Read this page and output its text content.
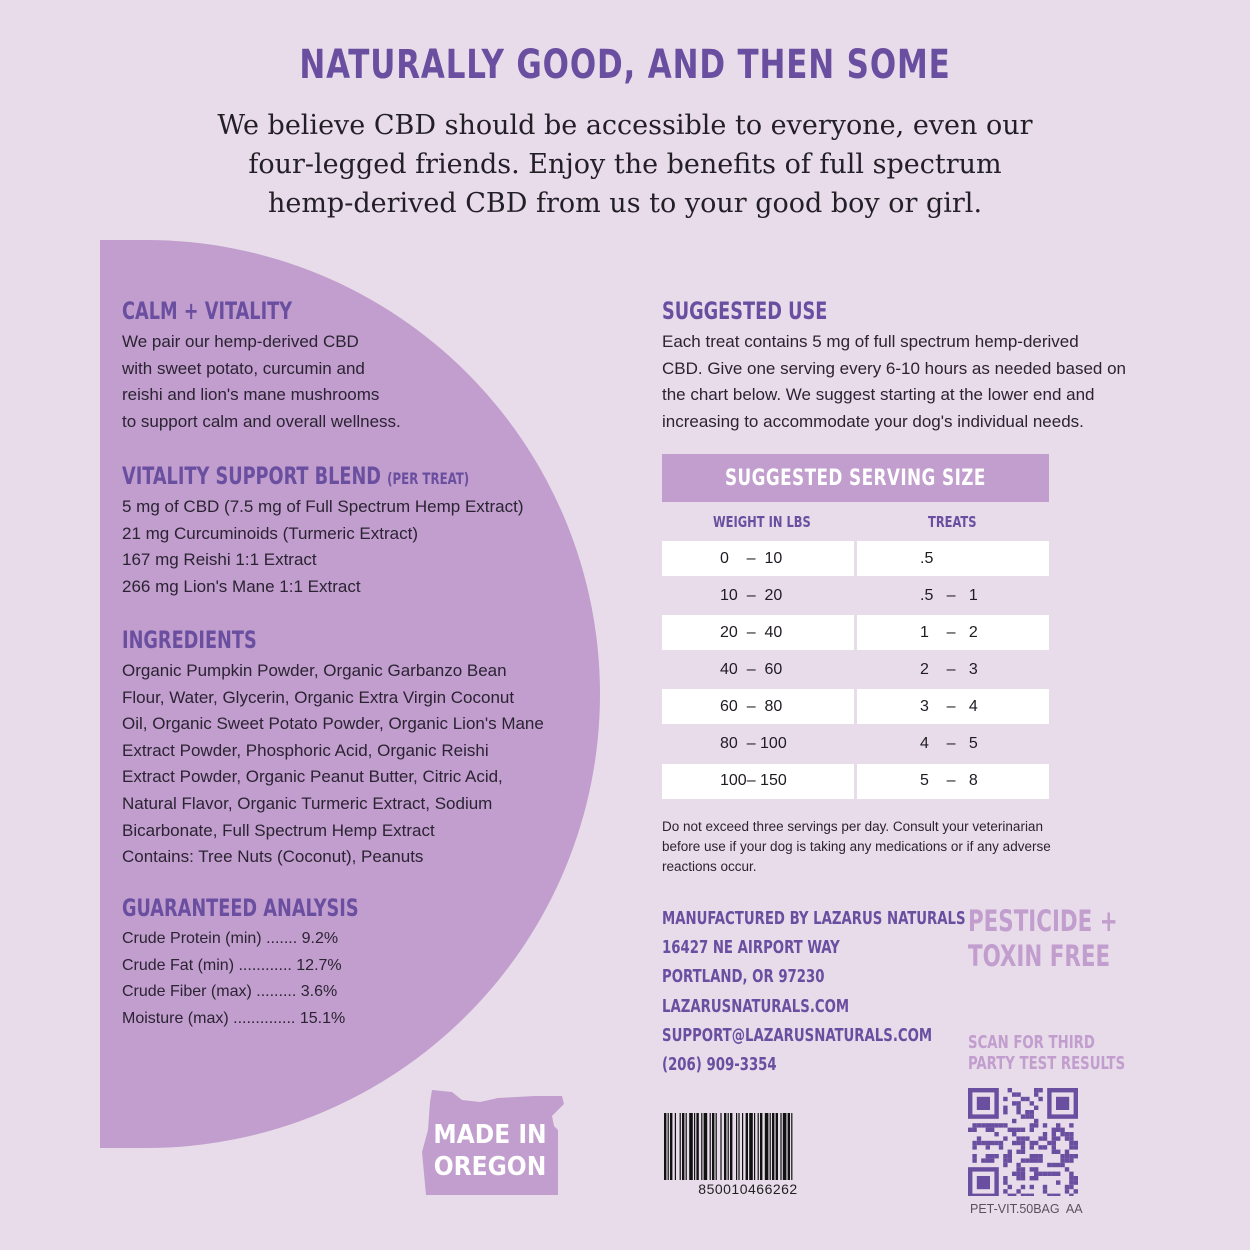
NATURALLY GOOD, AND THEN SOME
We believe CBD should be accessible to everyone, even our
four-legged friends. Enjoy the benefits of full spectrum
hemp-derived CBD from us to your good boy or girl.
CALM + VITALITY
We pair our hemp-derived CBD
with sweet potato, curcumin and
reishi and lion's mane mushrooms
to support calm and overall wellness.
VITALITY SUPPORT BLEND (PER TREAT)
5 mg of CBD (7.5 mg of Full Spectrum Hemp Extract)
21 mg Curcuminoids (Turmeric Extract)
167 mg Reishi 1:1 Extract
266 mg Lion's Mane 1:1 Extract
INGREDIENTS
Organic Pumpkin Powder, Organic Garbanzo Bean
Flour, Water, Glycerin, Organic Extra Virgin Coconut
Oil, Organic Sweet Potato Powder, Organic Lion's Mane
Extract Powder, Phosphoric Acid, Organic Reishi
Extract Powder, Organic Peanut Butter, Citric Acid,
Natural Flavor, Organic Turmeric Extract, Sodium
Bicarbonate, Full Spectrum Hemp Extract
Contains: Tree Nuts (Coconut), Peanuts
GUARANTEED ANALYSIS
Crude Protein (min) ....... 9.2%
Crude Fat (min) ............ 12.7%
Crude Fiber (max) ......... 3.6%
Moisture (max) .............. 15.1%
MADE IN
OREGON
SUGGESTED USE
Each treat contains 5 mg of full spectrum hemp-derived
CBD. Give one serving every 6-10 hours as needed based on
the chart below. We suggest starting at the lower end and
increasing to accommodate your dog's individual needs.
SUGGESTED SERVING SIZE
WEIGHT IN LBS	TREATS
0    –  10	.5
10  –  20	.5   –   1
20  –  40	1    –   2
40  –  60	2    –   3
60  –  80	3    –   4
80  – 100	4    –   5
100– 150	5    –   8
Do not exceed three servings per day. Consult your veterinarian before use if your dog is taking any medications or if any adverse reactions occur.
MANUFACTURED BY LAZARUS NATURALS
16427 NE AIRPORT WAY
PORTLAND, OR 97230
LAZARUSNATURALS.COM
SUPPORT@LAZARUSNATURALS.COM
(206) 909-3354
PESTICIDE +
TOXIN FREE
SCAN FOR THIRD
PARTY TEST RESULTS
PET-VIT.50BAG  AA
850010466262
